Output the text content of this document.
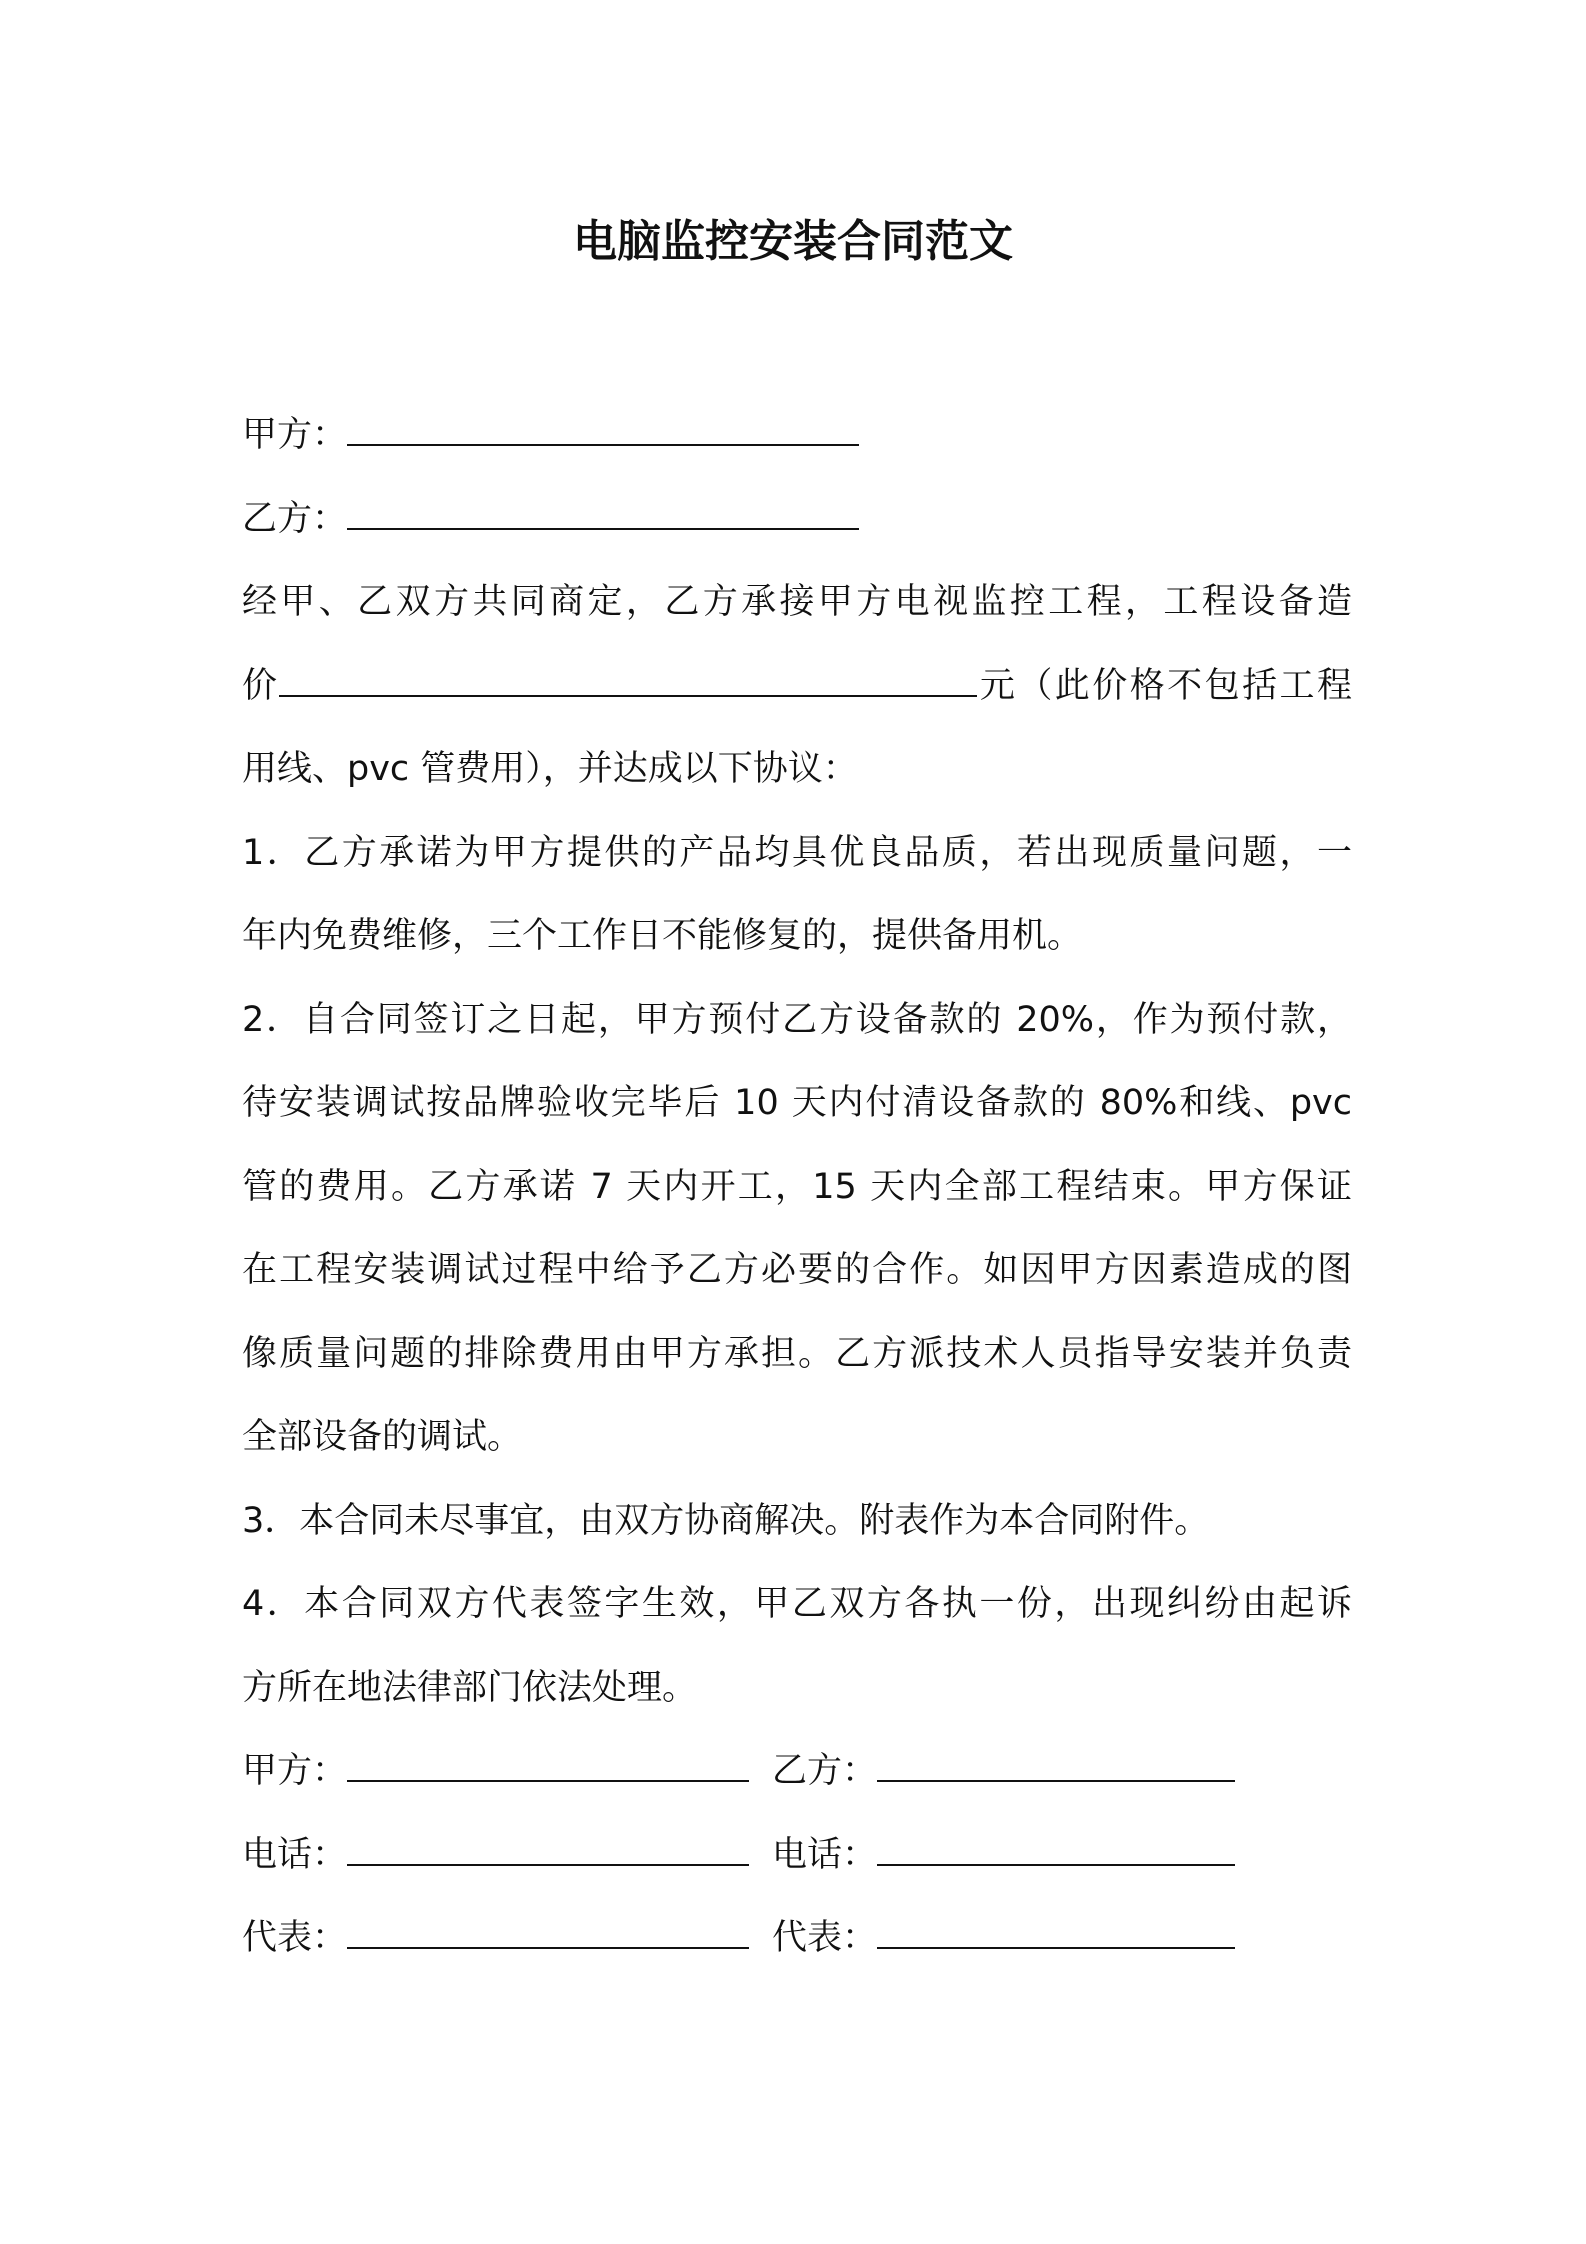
电脑监控安装合同范文
甲方：
乙方：
经甲、乙双方共同商定，乙方承接甲方电视监控工程，工程设备造
价	元（此价格不包括工程
用线、pvc 管费用），并达成以下协议：
1．乙方承诺为甲方提供的产品均具优良品质，若出现质量问题，一
年内免费维修，三个工作日不能修复的，提供备用机。
2．自合同签订之日起，甲方预付乙方设备款的 20%，作为预付款，
待安装调试按品牌验收完毕后 10 天内付清设备款的 80%和线、pvc
管的费用。乙方承诺 7 天内开工，15 天内全部工程结束。甲方保证
在工程安装调试过程中给予乙方必要的合作。如因甲方因素造成的图
像质量问题的排除费用由甲方承担。乙方派技术人员指导安装并负责
全部设备的调试。
3．本合同未尽事宜，由双方协商解决。附表作为本合同附件。
4．本合同双方代表签字生效，甲乙双方各执一份，出现纠纷由起诉
方所在地法律部门依法处理。
甲方：	乙方：
电话：	电话：
代表：	代表：
